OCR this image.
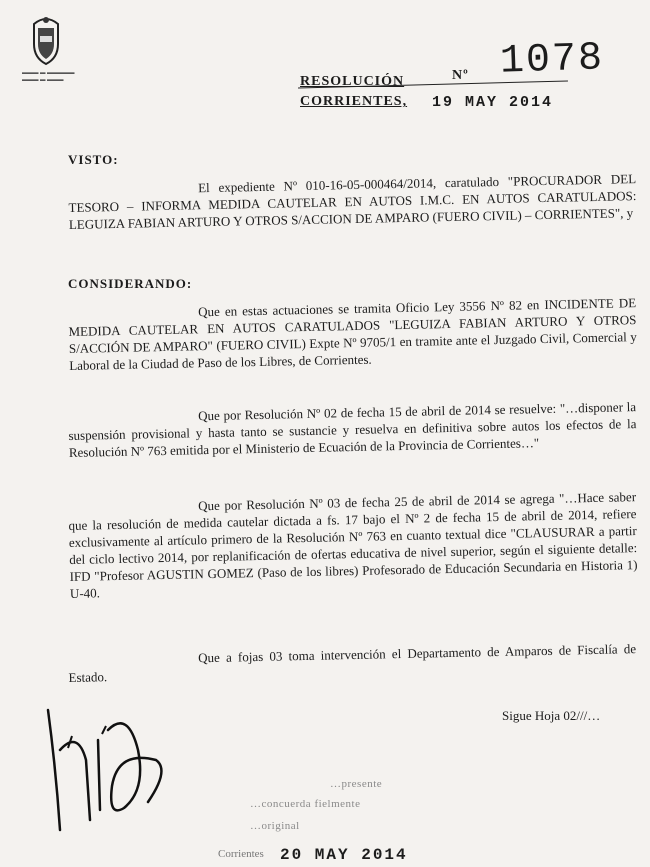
▬▬▬ ▬ ▬▬▬▬▬
▬▬▬ ▬ ▬▬▬	RESOLUCIÓN	Nº 1078
CORRIENTES, 19 MAY 2014
VISTO:
El expediente Nº 010-16-05-000464/2014, caratulado "PROCURADOR DEL TESORO – INFORMA MEDIDA CAUTELAR EN AUTOS I.M.C. EN AUTOS CARATULADOS: LEGUIZA FABIAN ARTURO Y OTROS S/ACCION DE AMPARO (FUERO CIVIL) – CORRIENTES", y
CONSIDERANDO:
Que en estas actuaciones se tramita Oficio Ley 3556 Nº 82 en INCIDENTE DE MEDIDA CAUTELAR EN AUTOS CARATULADOS "LEGUIZA FABIAN ARTURO Y OTROS S/ACCIÓN DE AMPARO" (FUERO CIVIL) Expte Nº 9705/1 en tramite ante el Juzgado Civil, Comercial y Laboral de la Ciudad de Paso de los Libres, de Corrientes.
Que por Resolución Nº 02 de fecha 15 de abril de 2014 se resuelve: "…disponer la suspensión provisional y hasta tanto se sustancie y resuelva en definitiva sobre autos los efectos de la Resolución Nº 763 emitida por el Ministerio de Ecuación de la Provincia de Corrientes…"
Que por Resolución Nº 03 de fecha 25 de abril de 2014 se agrega "…Hace saber que la resolución de medida cautelar dictada a fs. 17 bajo el Nº 2 de fecha 15 de abril de 2014, refiere exclusivamente al artículo primero de la Resolución Nº 763 en cuanto textual dice "CLAUSURAR a partir del ciclo lectivo 2014, por replanificación de ofertas educativa de nivel superior, según el siguiente detalle: IFD "Profesor AGUSTIN GOMEZ (Paso de los libres) Profesorado de Educación Secundaria en Historia 1) U-40.
Que a fojas 03 toma intervención el Departamento de Amparos de Fiscalía de Estado.
Sigue Hoja 02///…
…presente
…concuerda fielmente
…original
Corrientes 20 MAY 2014
